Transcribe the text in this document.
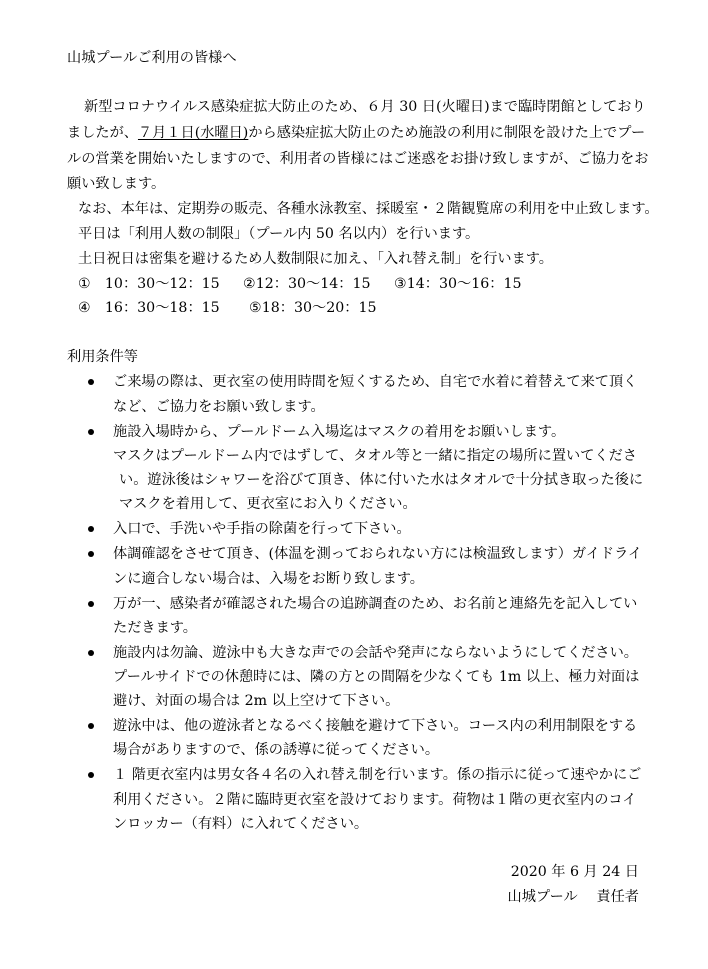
山城プールご利用の皆様へ
新型コロナウイルス感染症拡大防止のため、６月 30 日(火曜日)まで臨時閉館としており
ましたが、７月１日(水曜日)から感染症拡大防止のため施設の利用に制限を設けた上でプー
ルの営業を開始いたしますので、利用者の皆様にはご迷惑をお掛け致しますが、ご協力をお
願い致します。
なお、本年は、定期券の販売、各種水泳教室、採暖室・２階観覧席の利用を中止致します。
平日は「利用人数の制限」（プール内 50 名以内）を行います。
土日祝日は密集を避けるため人数制限に加え、「入れ替え制」を行います。
①　10：30〜12：15 ②12：30〜14：15 ③14：30〜16：15
④　16：30〜18：15 ⑤18：30〜20：15
利用条件等
ご来場の際は、更衣室の使用時間を短くするため、自宅で水着に着替えて来て頂く
など、ご協力をお願い致します。
施設入場時から、プールドーム入場迄はマスクの着用をお願いします。
マスクはプールドーム内ではずして、タオル等と一緒に指定の場所に置いてくださ
い。遊泳後はシャワーを浴びて頂き、体に付いた水はタオルで十分拭き取った後に
マスクを着用して、更衣室にお入りください。
入口で、手洗いや手指の除菌を行って下さい。
体調確認をさせて頂き、(体温を測っておられない方には検温致します）ガイドライ
ンに適合しない場合は、入場をお断り致します。
万が一、感染者が確認された場合の追跡調査のため、お名前と連絡先を記入してい
ただきます。
施設内は勿論、遊泳中も大きな声での会話や発声にならないようにしてください。
プールサイドでの休憩時には、隣の方との間隔を少なくても 1m 以上、極力対面は
避け、対面の場合は 2m 以上空けて下さい。
遊泳中は、他の遊泳者となるべく接触を避けて下さい。コース内の利用制限をする
場合がありますので、係の誘導に従ってください。
１ 階更衣室内は男女各４名の入れ替え制を行います。係の指示に従って速やかにご
利用ください。２階に臨時更衣室を設けております。荷物は１階の更衣室内のコイ
ンロッカー（有料）に入れてください。
2020 年 6 月 24 日
山城プール　 責任者
